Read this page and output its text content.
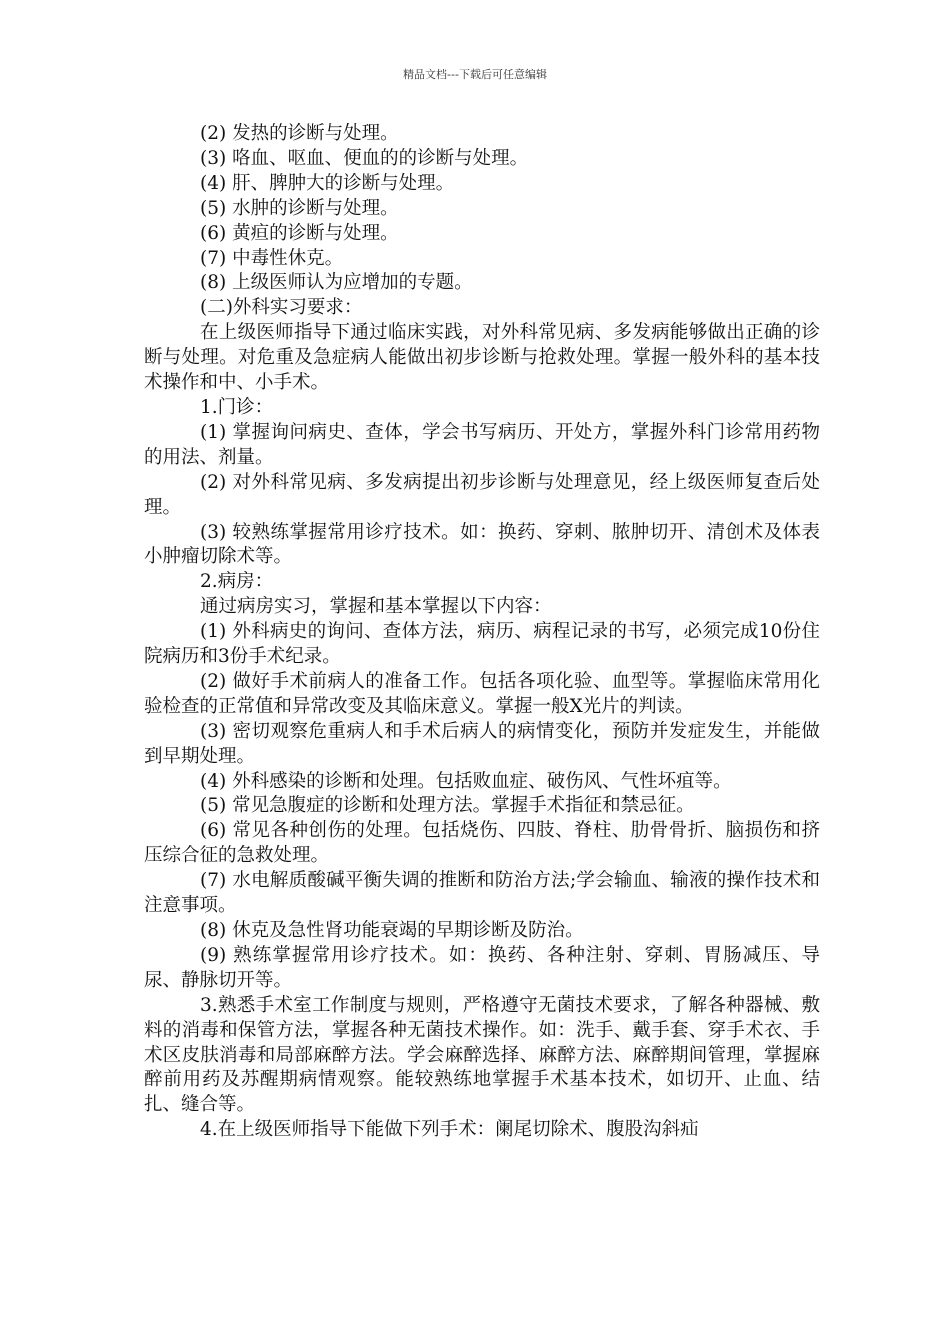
精品文档---下载后可任意编辑

(2) 发热的诊断与处理。

(3) 咯血、呕血、便血的的诊断与处理。

(4) 肝、脾肿大的诊断与处理。

(5) 水肿的诊断与处理。

(6) 黄疸的诊断与处理。

(7) 中毒性休克。

(8) 上级医师认为应增加的专题。

(二)外科实习要求：

在上级医师指导下通过临床实践，对外科常见病、多发病能够做出正确的诊断与处理。对危重及急症病人能做出初步诊断与抢救处理。掌握一般外科的基本技术操作和中、小手术。

1.门诊：

(1) 掌握询问病史、查体，学会书写病历、开处方，掌握外科门诊常用药物的用法、剂量。

(2) 对外科常见病、多发病提出初步诊断与处理意见，经上级医师复查后处理。

(3) 较熟练掌握常用诊疗技术。如：换药、穿刺、脓肿切开、清创术及体表小肿瘤切除术等。

2.病房：

通过病房实习，掌握和基本掌握以下内容：

(1) 外科病史的询问、查体方法，病历、病程记录的书写，必须完成10份住院病历和3份手术纪录。

(2) 做好手术前病人的准备工作。包括各项化验、血型等。掌握临床常用化验检查的正常值和异常改变及其临床意义。掌握一般X光片的判读。

(3) 密切观察危重病人和手术后病人的病情变化，预防并发症发生，并能做到早期处理。

(4) 外科感染的诊断和处理。包括败血症、破伤风、气性坏疽等。

(5) 常见急腹症的诊断和处理方法。掌握手术指征和禁忌征。

(6) 常见各种创伤的处理。包括烧伤、四肢、脊柱、肋骨骨折、脑损伤和挤压综合征的急救处理。

(7) 水电解质酸碱平衡失调的推断和防治方法;学会输血、输液的操作技术和注意事项。

(8) 休克及急性肾功能衰竭的早期诊断及防治。

(9) 熟练掌握常用诊疗技术。如：换药、各种注射、穿刺、胃肠减压、导尿、静脉切开等。

3.熟悉手术室工作制度与规则，严格遵守无菌技术要求，了解各种器械、敷料的消毒和保管方法，掌握各种无菌技术操作。如：洗手、戴手套、穿手术衣、手术区皮肤消毒和局部麻醉方法。学会麻醉选择、麻醉方法、麻醉期间管理，掌握麻醉前用药及苏醒期病情观察。能较熟练地掌握手术基本技术，如切开、止血、结扎、缝合等。

4.在上级医师指导下能做下列手术：阑尾切除术、腹股沟斜疝
